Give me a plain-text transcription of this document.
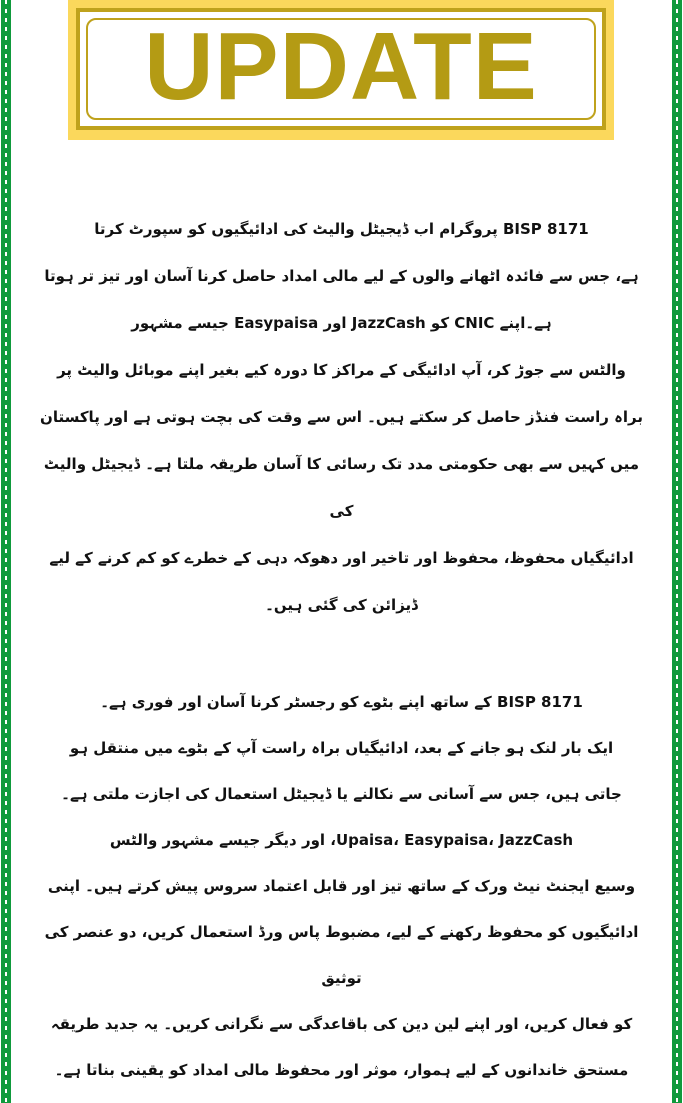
UPDATE
BISP 8171 پروگرام اب ڈیجیٹل والیٹ کی ادائیگیوں کو سپورٹ کرتا
ہے، جس سے فائدہ اٹھانے والوں کے لیے مالی امداد حاصل کرنا آسان اور تیز تر ہوتا
ہے۔اپنے CNIC کو JazzCash اور Easypaisa جیسے مشہور
والٹس سے جوڑ کر، آپ ادائیگی کے مراکز کا دورہ کیے بغیر اپنے موبائل والیٹ پر
براہ راست فنڈز حاصل کر سکتے ہیں۔ اس سے وقت کی بچت ہوتی ہے اور پاکستان
میں کہیں سے بھی حکومتی مدد تک رسائی کا آسان طریقہ ملتا ہے۔ ڈیجیٹل والیٹ کی
ادائیگیاں محفوظ، محفوظ اور تاخیر اور دھوکہ دہی کے خطرے کو کم کرنے کے لیے
ڈیزائن کی گئی ہیں۔
BISP 8171 کے ساتھ اپنے بٹوے کو رجسٹر کرنا آسان اور فوری ہے۔
ایک بار لنک ہو جانے کے بعد، ادائیگیاں براہ راست آپ کے بٹوے میں منتقل ہو
جاتی ہیں، جس سے آسانی سے نکالنے یا ڈیجیٹل استعمال کی اجازت ملتی ہے۔
Upaisa، Easypaisa، JazzCash، اور دیگر جیسے مشہور والٹس
وسیع ایجنٹ نیٹ ورک کے ساتھ تیز اور قابل اعتماد سروس پیش کرتے ہیں۔ اپنی
ادائیگیوں کو محفوظ رکھنے کے لیے، مضبوط پاس ورڈ استعمال کریں، دو عنصر کی توثیق
کو فعال کریں، اور اپنے لین دین کی باقاعدگی سے نگرانی کریں۔ یہ جدید طریقہ
مستحق خاندانوں کے لیے ہموار، موثر اور محفوظ مالی امداد کو یقینی بناتا ہے۔
